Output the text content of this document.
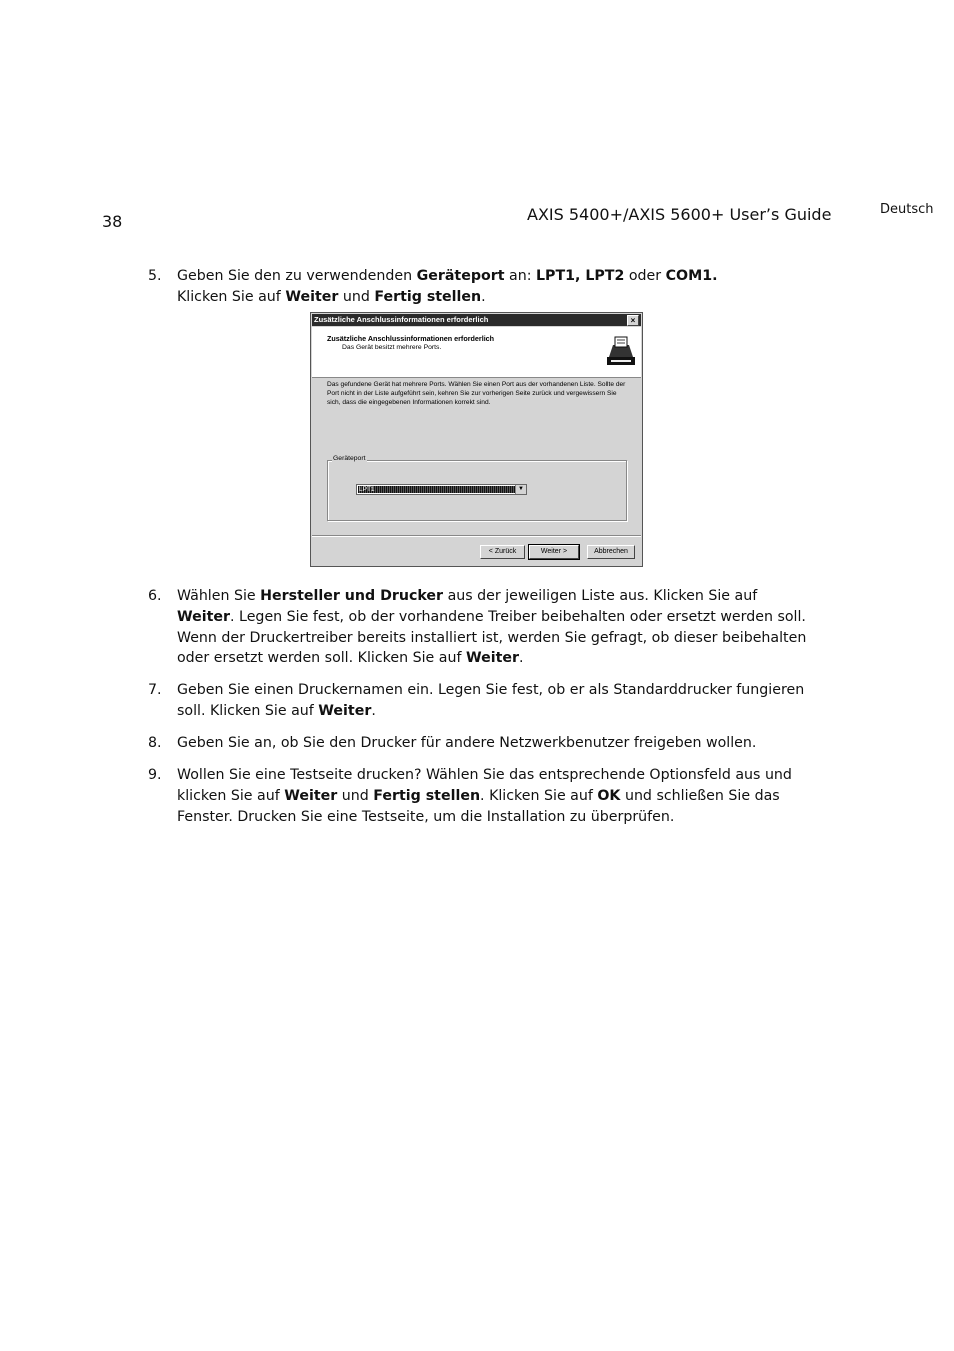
38	AXIS 5400+/AXIS 5600+ User’s Guide	Deutsch
5. Geben Sie den zu verwendenden Geräteport an: LPT1, LPT2 oder COM1.
Klicken Sie auf Weiter und Fertig stellen.
Zusätzliche Anschlussinformationen erforderlich	×
Zusätzliche Anschlussinformationen erforderlich
Das Gerät besitzt mehrere Ports.
Das gefundene Gerät hat mehrere Ports. Wählen Sie einen Port aus der vorhandenen Liste. Sollte der Port nicht in der Liste aufgeführt sein, kehren Sie zur vorherigen Seite zurück und vergewissern Sie sich, dass die eingegebenen Informationen korrekt sind.
Geräteport
LPT1	▼
< Zurück	Weiter >	Abbrechen
6. Wählen Sie Hersteller und Drucker aus der jeweiligen Liste aus. Klicken Sie auf Weiter. Legen Sie fest, ob der vorhandene Treiber beibehalten oder ersetzt werden soll. Wenn der Druckertreiber bereits installiert ist, werden Sie gefragt, ob dieser beibehalten oder ersetzt werden soll. Klicken Sie auf Weiter.
7. Geben Sie einen Druckernamen ein. Legen Sie fest, ob er als Standarddrucker fungieren soll. Klicken Sie auf Weiter.
8. Geben Sie an, ob Sie den Drucker für andere Netzwerkbenutzer freigeben wollen.
9. Wollen Sie eine Testseite drucken? Wählen Sie das entsprechende Optionsfeld aus und klicken Sie auf Weiter und Fertig stellen. Klicken Sie auf OK und schließen Sie das Fenster. Drucken Sie eine Testseite, um die Installation zu überprüfen.
